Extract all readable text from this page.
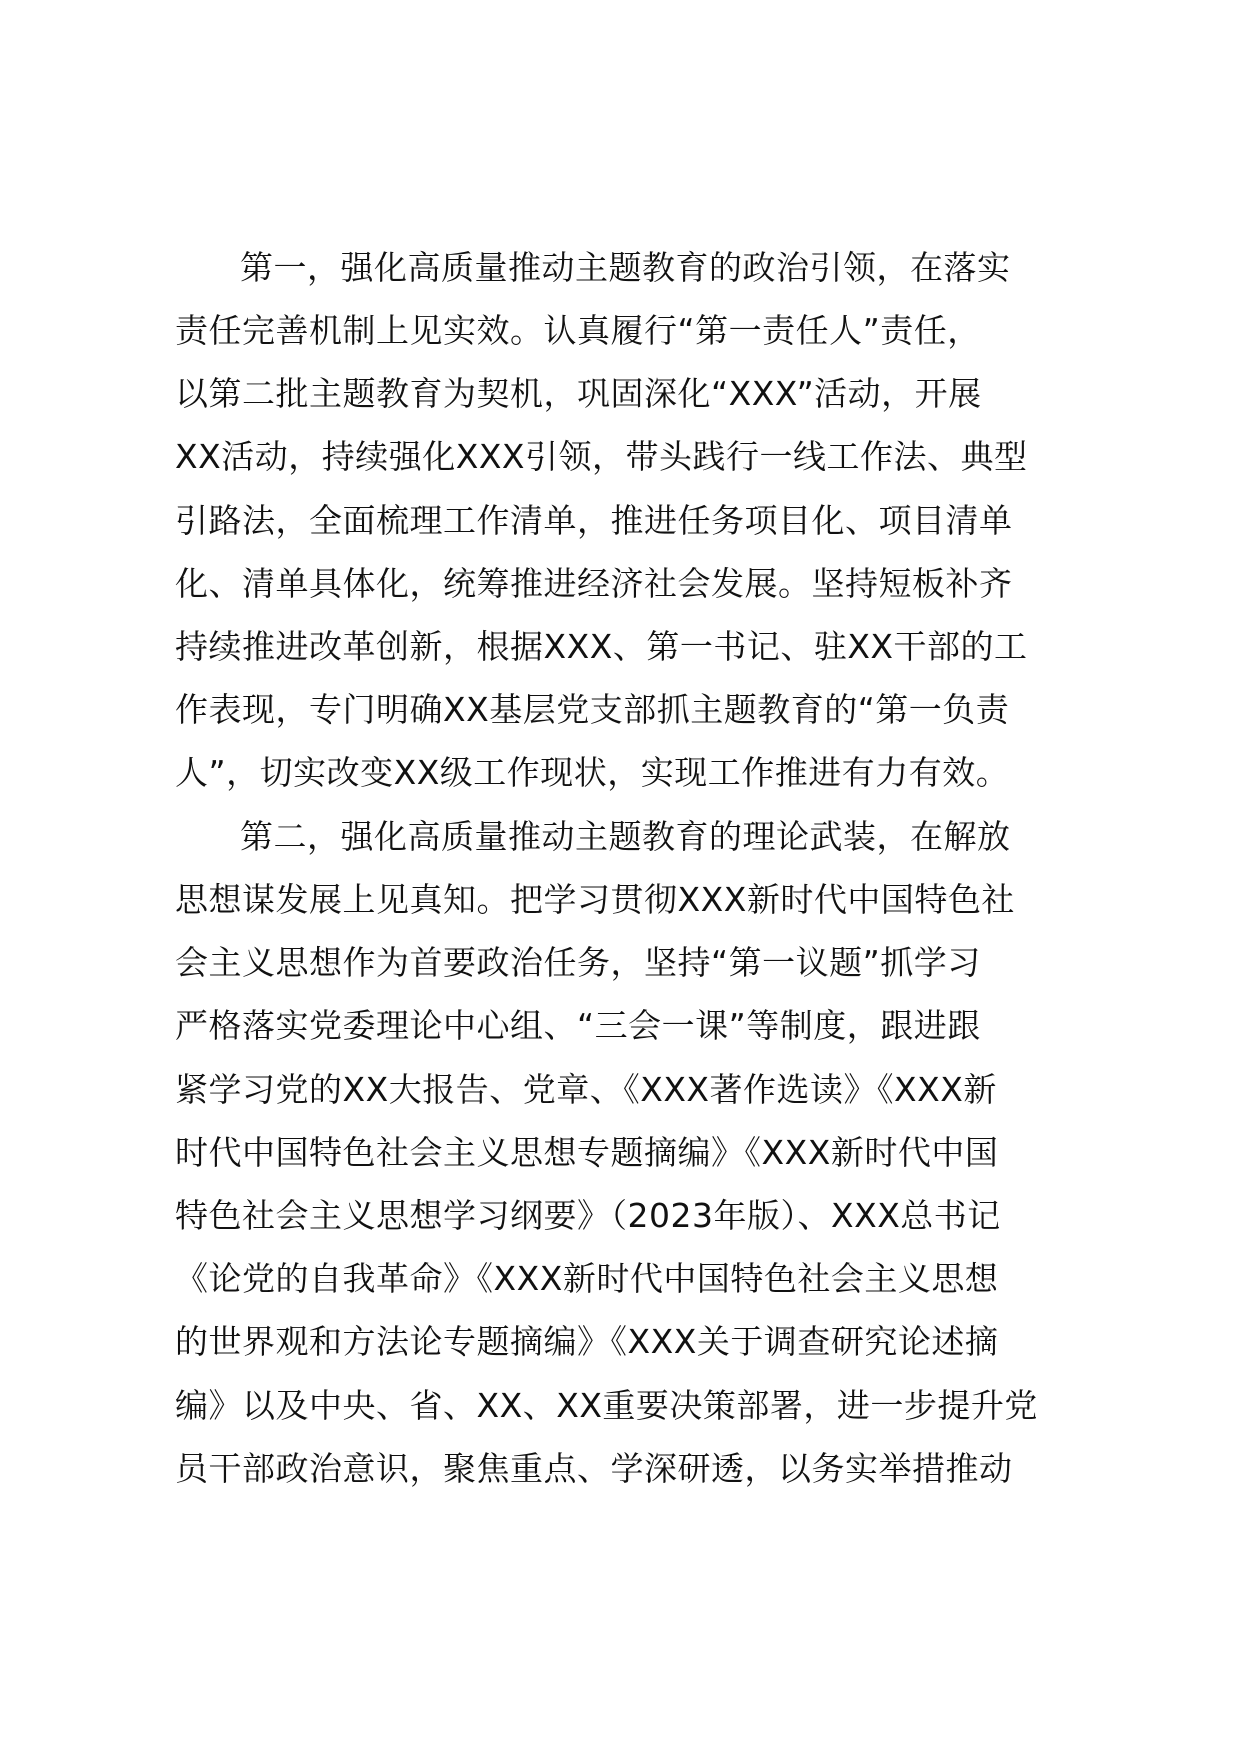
第一，强化高质量推动主题教育的政治引领，在落实
责任完善机制上见实效。认真履行“第一责任人”责任，
以第二批主题教育为契机，巩固深化“XXX”活动，开展
XX活动，持续强化XXX引领，带头践行一线工作法、典型
引路法，全面梳理工作清单，推进任务项目化、项目清单
化、清单具体化，统筹推进经济社会发展。坚持短板补齐
持续推进改革创新，根据XXX、第一书记、驻XX干部的工
作表现，专门明确XX基层党支部抓主题教育的“第一负责
人”，切实改变XX级工作现状，实现工作推进有力有效。
第二，强化高质量推动主题教育的理论武装，在解放
思想谋发展上见真知。把学习贯彻XXX新时代中国特色社
会主义思想作为首要政治任务，坚持“第一议题”抓学习
严格落实党委理论中心组、“三会一课”等制度，跟进跟
紧学习党的XX大报告、党章、《XXX著作选读》《XXX新
时代中国特色社会主义思想专题摘编》《XXX新时代中国
特色社会主义思想学习纲要》（2023年版）、XXX总书记
《论党的自我革命》《XXX新时代中国特色社会主义思想
的世界观和方法论专题摘编》《XXX关于调查研究论述摘
编》以及中央、省、XX、XX重要决策部署，进一步提升党
员干部政治意识，聚焦重点、学深研透，以务实举措推动
